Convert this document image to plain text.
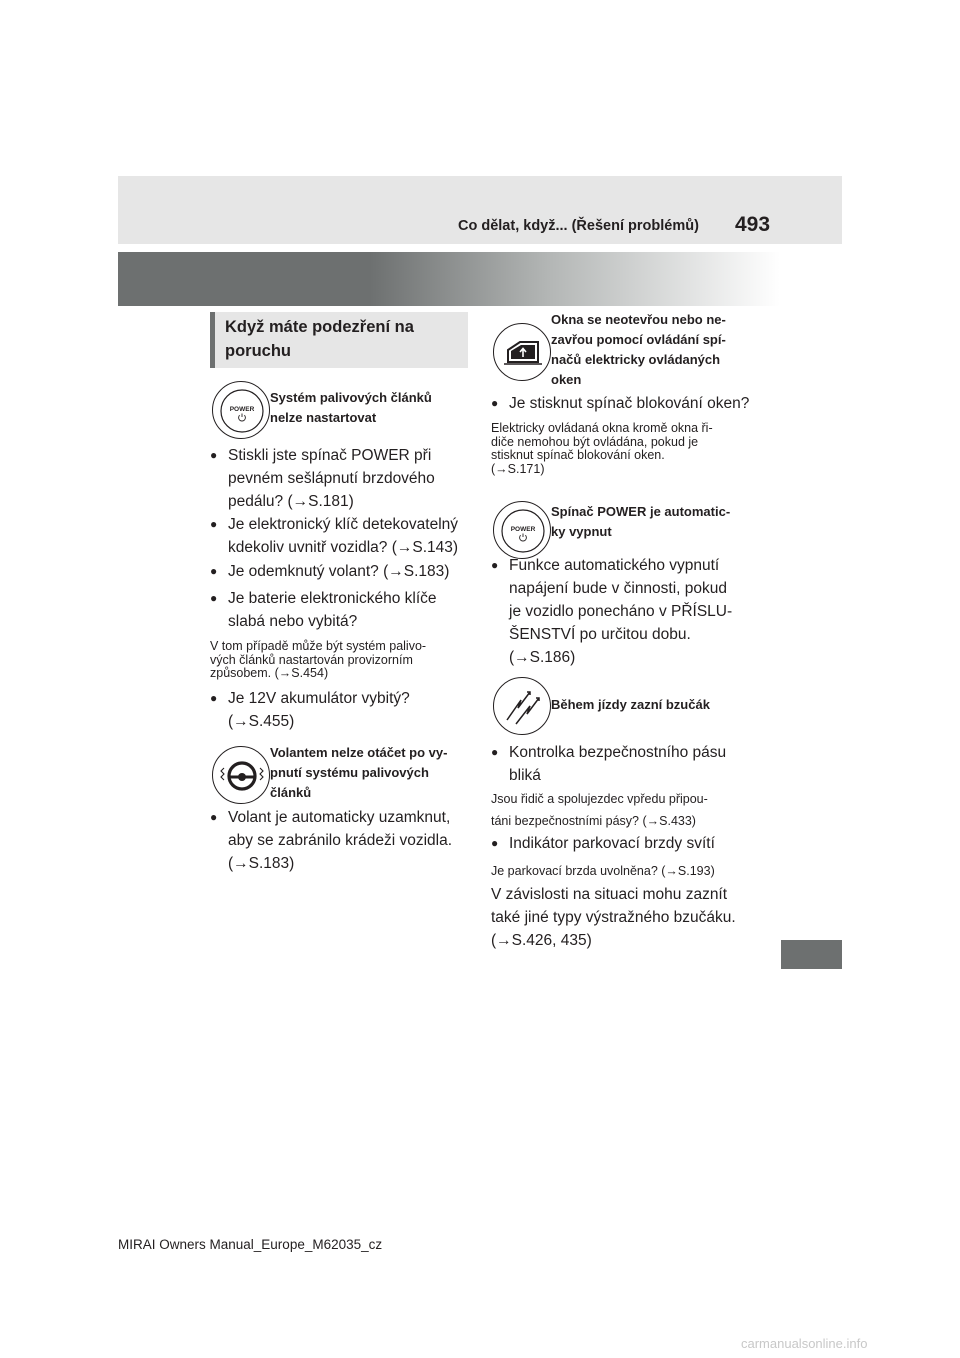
Co dělat, když... (Řešení problémů) 493
Když máte podezření na
poruchu
POWER
Systém palivových článků
nelze nastartovat
● Stiskli jste spínač POWER při
pevném sešlápnutí brzdového
pedálu? (→S.181)
● Je elektronický klíč detekovatelný
kdekoliv uvnitř vozidla? (→S.143)
● Je odemknutý volant? (→S.183)
● Je baterie elektronického klíče
slabá nebo vybitá?
V tom případě může být systém palivo-
vých článků nastartován provizorním
způsobem. (→S.454)
● Je 12V akumulátor vybitý?
(→S.455)
Volantem nelze otáčet po vy-
pnutí systému palivových
článků
● Volant je automaticky uzamknut,
aby se zabránilo krádeži vozidla.
(→S.183)
Okna se neotevřou nebo ne-
zavřou pomocí ovládání spí-
načů elektricky ovládaných
oken
● Je stisknut spínač blokování oken?
Elektricky ovládaná okna kromě okna ři-
diče nemohou být ovládána, pokud je
stisknut spínač blokování oken.
(→S.171)
POWER
Spínač POWER je automatic-
ky vypnut
● Funkce automatického vypnutí
napájení bude v činnosti, pokud
je vozidlo ponecháno v PŘÍSLU-
ŠENSTVÍ po určitou dobu.
(→S.186)
Během jízdy zazní bzučák
● Kontrolka bezpečnostního pásu
bliká
Jsou řidič a spolujezdec vpředu připou-
táni bezpečnostními pásy? (→S.433)
● Indikátor parkovací brzdy svítí
Je parkovací brzda uvolněna? (→S.193)
V závislosti na situaci mohu zaznít
také jiné typy výstražného bzučáku.
(→S.426, 435)
MIRAI Owners Manual_Europe_M62035_cz
carmanualsonline.info
